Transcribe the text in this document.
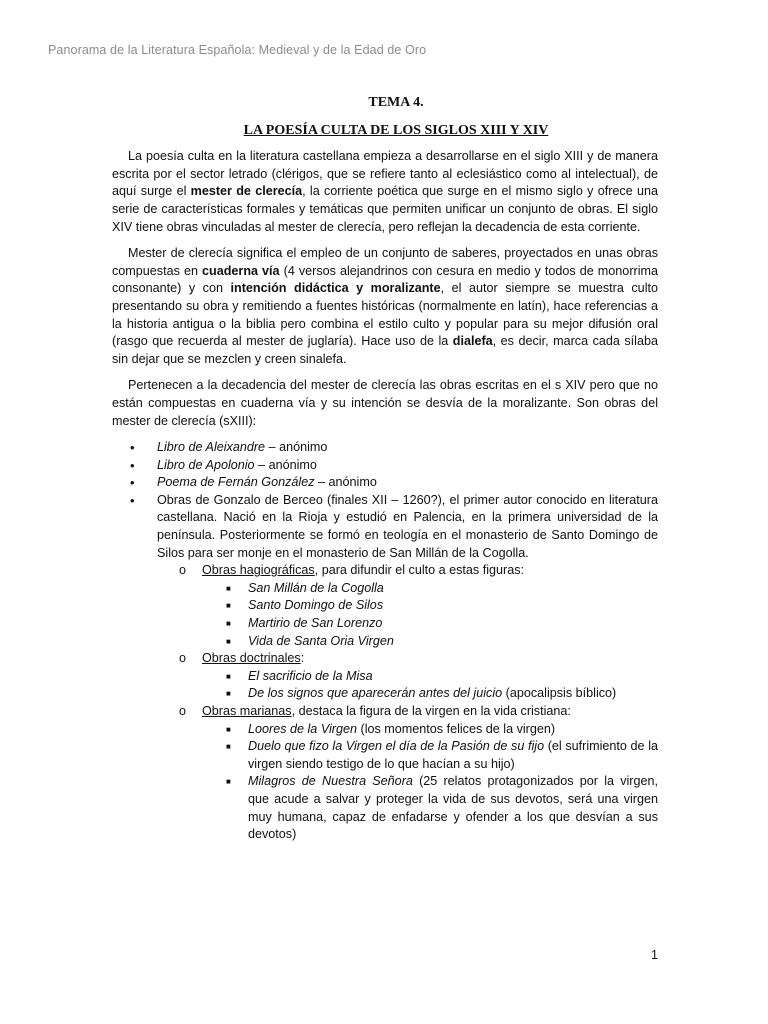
Panorama de la Literatura Española: Medieval y de la Edad de Oro
TEMA 4.
LA POESÍA CULTA DE LOS SIGLOS XIII Y XIV

La poesía culta en la literatura castellana empieza a desarrollarse en el siglo XIII y de manera escrita por el sector letrado (clérigos, que se refiere tanto al eclesiástico como al intelectual), de aquí surge el mester de clerecía, la corriente poética que surge en el mismo siglo y ofrece una serie de características formales y temáticas que permiten unificar un conjunto de obras. El siglo XIV tiene obras vinculadas al mester de clerecía, pero reflejan la decadencia de esta corriente.

Mester de clerecía significa el empleo de un conjunto de saberes, proyectados en unas obras compuestas en cuaderna vía (4 versos alejandrinos con cesura en medio y todos de monorrima consonante) y con intención didáctica y moralizante, el autor siempre se muestra culto presentando su obra y remitiendo a fuentes históricas (normalmente en latín), hace referencias a la historia antigua o la biblia pero combina el estilo culto y popular para su mejor difusión oral (rasgo que recuerda al mester de juglaría). Hace uso de la dialefa, es decir, marca cada sílaba sin dejar que se mezclen y creen sinalefa.

Pertenecen a la decadencia del mester de clerecía las obras escritas en el s XIV pero que no están compuestas en cuaderna vía y su intención se desvía de la moralizante. Son obras del mester de clerecía (sXIII):

• Libro de Aleixandre – anónimo
• Libro de Apolonio – anónimo
• Poema de Fernán González – anónimo
• Obras de Gonzalo de Berceo (finales XII – 1260?), el primer autor conocido en literatura castellana. Nació en la Rioja y estudió en Palencia, en la primera universidad de la península. Posteriormente se formó en teología en el monasterio de Santo Domingo de Silos para ser monje en el monasterio de San Millán de la Cogolla.
o Obras hagiográficas, para difundir el culto a estas figuras:
■ San Millán de la Cogolla
■ Santo Domingo de Silos
■ Martirio de San Lorenzo
■ Vida de Santa Oria Virgen
o Obras doctrinales:
■ El sacrificio de la Misa
■ De los signos que aparecerán antes del juicio (apocalipsis bíblico)
o Obras marianas, destaca la figura de la virgen en la vida cristiana:
■ Loores de la Virgen (los momentos felices de la virgen)
■ Duelo que fizo la Virgen el día de la Pasión de su fijo (el sufrimiento de la virgen siendo testigo de lo que hacían a su hijo)
■ Milagros de Nuestra Señora (25 relatos protagonizados por la virgen, que acude a salvar y proteger la vida de sus devotos, será una virgen muy humana, capaz de enfadarse y ofender a los que desvían a sus devotos)
1
